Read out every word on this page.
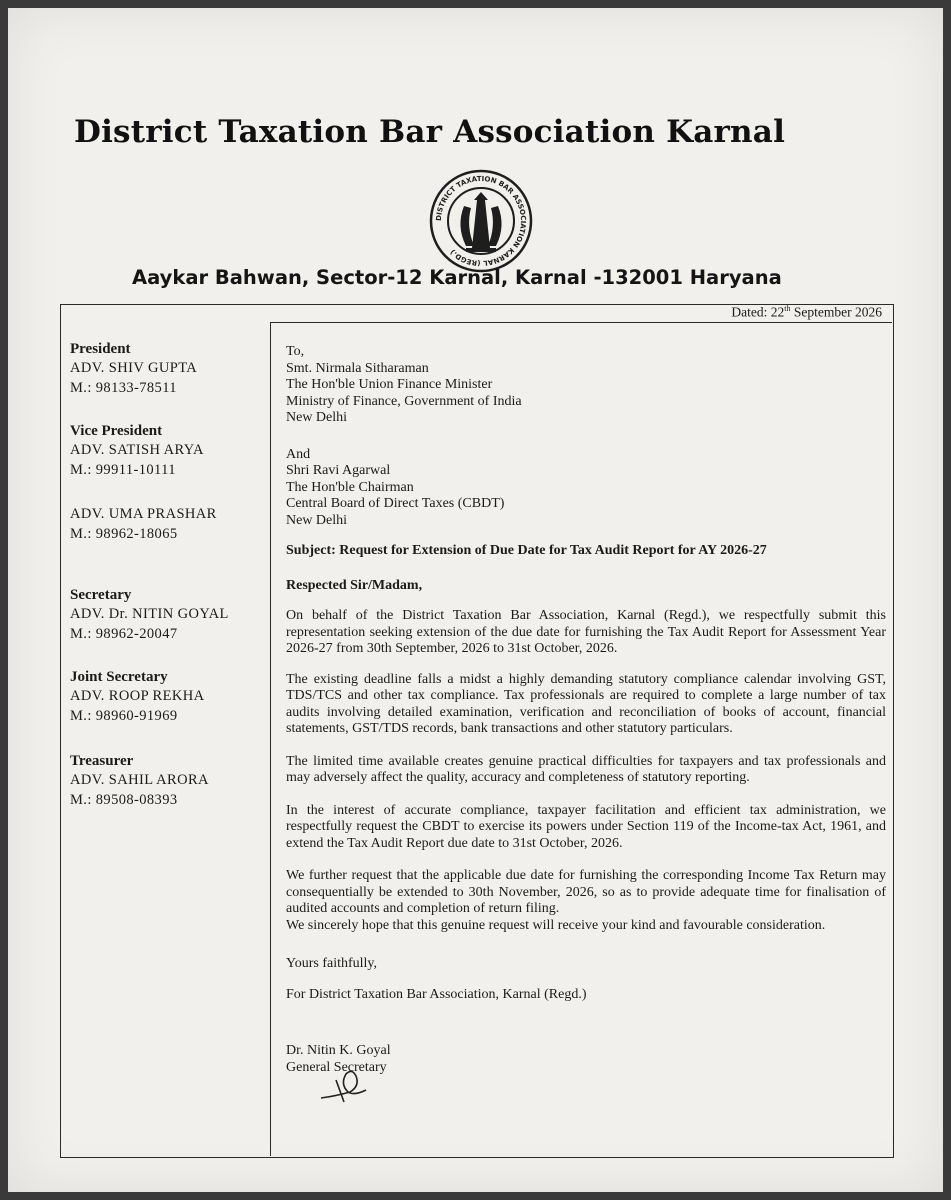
District Taxation Bar Association Karnal
DISTRICT TAXATION BAR ASSOCIATION KARNAL (REGD.)
Aaykar Bahwan, Sector-12 Karnal, Karnal -132001 Haryana
Dated: 22th September 2026
President
ADV. SHIV GUPTA
M.: 98133-78511
Vice President
ADV. SATISH ARYA
M.: 99911-10111
ADV. UMA PRASHAR
M.: 98962-18065
Secretary
ADV. Dr. NITIN GOYAL
M.: 98962-20047
Joint Secretary
ADV. ROOP REKHA
M.: 98960-91969
Treasurer
ADV. SAHIL ARORA
M.: 89508-08393
To,
Smt. Nirmala Sitharaman
The Hon'ble Union Finance Minister
Ministry of Finance, Government of India
New Delhi
And
Shri Ravi Agarwal
The Hon'ble Chairman
Central Board of Direct Taxes (CBDT)
New Delhi
Subject: Request for Extension of Due Date for Tax Audit Report for AY 2026-27
Respected Sir/Madam,

On behalf of the District Taxation Bar Association, Karnal (Regd.), we respectfully submit this representation seeking extension of the due date for furnishing the Tax Audit Report for Assessment Year 2026-27 from 30th September, 2026 to 31st October, 2026.

The existing deadline falls a midst a highly demanding statutory compliance calendar involving GST, TDS/TCS and other tax compliance. Tax professionals are required to complete a large number of tax audits involving detailed examination, verification and reconciliation of books of account, financial statements, GST/TDS records, bank transactions and other statutory particulars.

The limited time available creates genuine practical difficulties for taxpayers and tax professionals and may adversely affect the quality, accuracy and completeness of statutory reporting.

In the interest of accurate compliance, taxpayer facilitation and efficient tax administration, we respectfully request the CBDT to exercise its powers under Section 119 of the Income-tax Act, 1961, and extend the Tax Audit Report due date to 31st October, 2026.

We further request that the applicable due date for furnishing the corresponding Income Tax Return may consequentially be extended to 30th November, 2026, so as to provide adequate time for finalisation of audited accounts and completion of return filing.

We sincerely hope that this genuine request will receive your kind and favourable consideration.

Yours faithfully,
For District Taxation Bar Association, Karnal (Regd.)
Dr. Nitin K. Goyal
General Secretary
